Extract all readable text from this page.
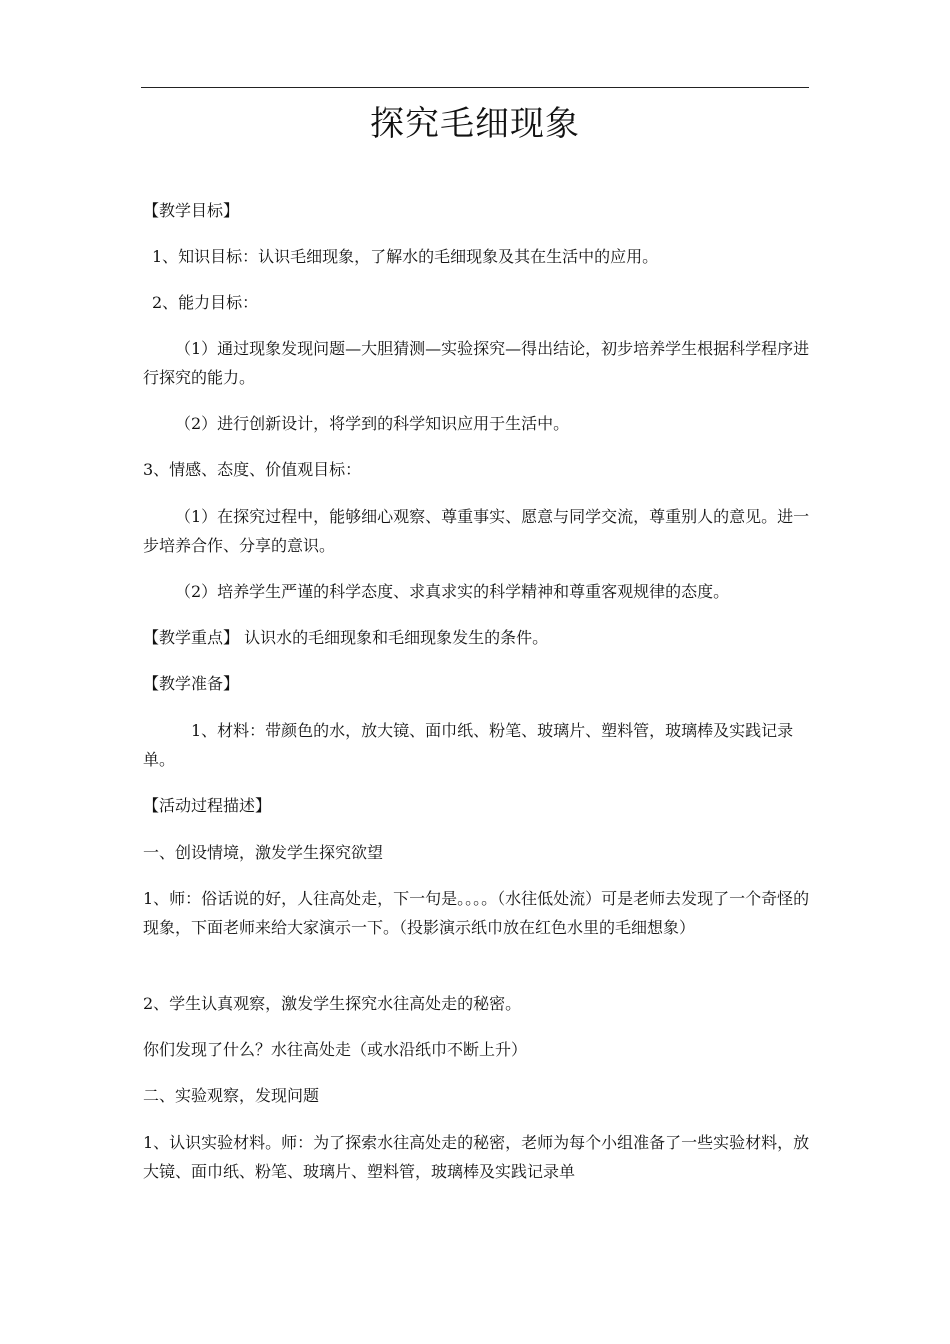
探究毛细现象
【教学目标】
1、知识目标：认识毛细现象，了解水的毛细现象及其在生活中的应用。
2、能力目标：
（1）通过现象发现问题—大胆猜测—实验探究—得出结论，初步培养学生根据科学程序进行探究的能力。
（2）进行创新设计，将学到的科学知识应用于生活中。
3、情感、态度、价值观目标：
（1）在探究过程中，能够细心观察、尊重事实、愿意与同学交流，尊重别人的意见。进一步培养合作、分享的意识。
（2）培养学生严谨的科学态度、求真求实的科学精神和尊重客观规律的态度。
【教学重点】 认识水的毛细现象和毛细现象发生的条件。
【教学准备】
1、材料：带颜色的水，放大镜、面巾纸、粉笔、玻璃片、塑料管，玻璃棒及实践记录单。
【活动过程描述】
一、创设情境，激发学生探究欲望
1、师：俗话说的好，人往高处走，下一句是。。。。（水往低处流）可是老师去发现了一个奇怪的现象，下面老师来给大家演示一下。（投影演示纸巾放在红色水里的毛细想象）
2、学生认真观察，激发学生探究水往高处走的秘密。
你们发现了什么？水往高处走（或水沿纸巾不断上升）
二、实验观察，发现问题
1、认识实验材料。师：为了探索水往高处走的秘密，老师为每个小组准备了一些实验材料，放大镜、面巾纸、粉笔、玻璃片、塑料管，玻璃棒及实践记录单
